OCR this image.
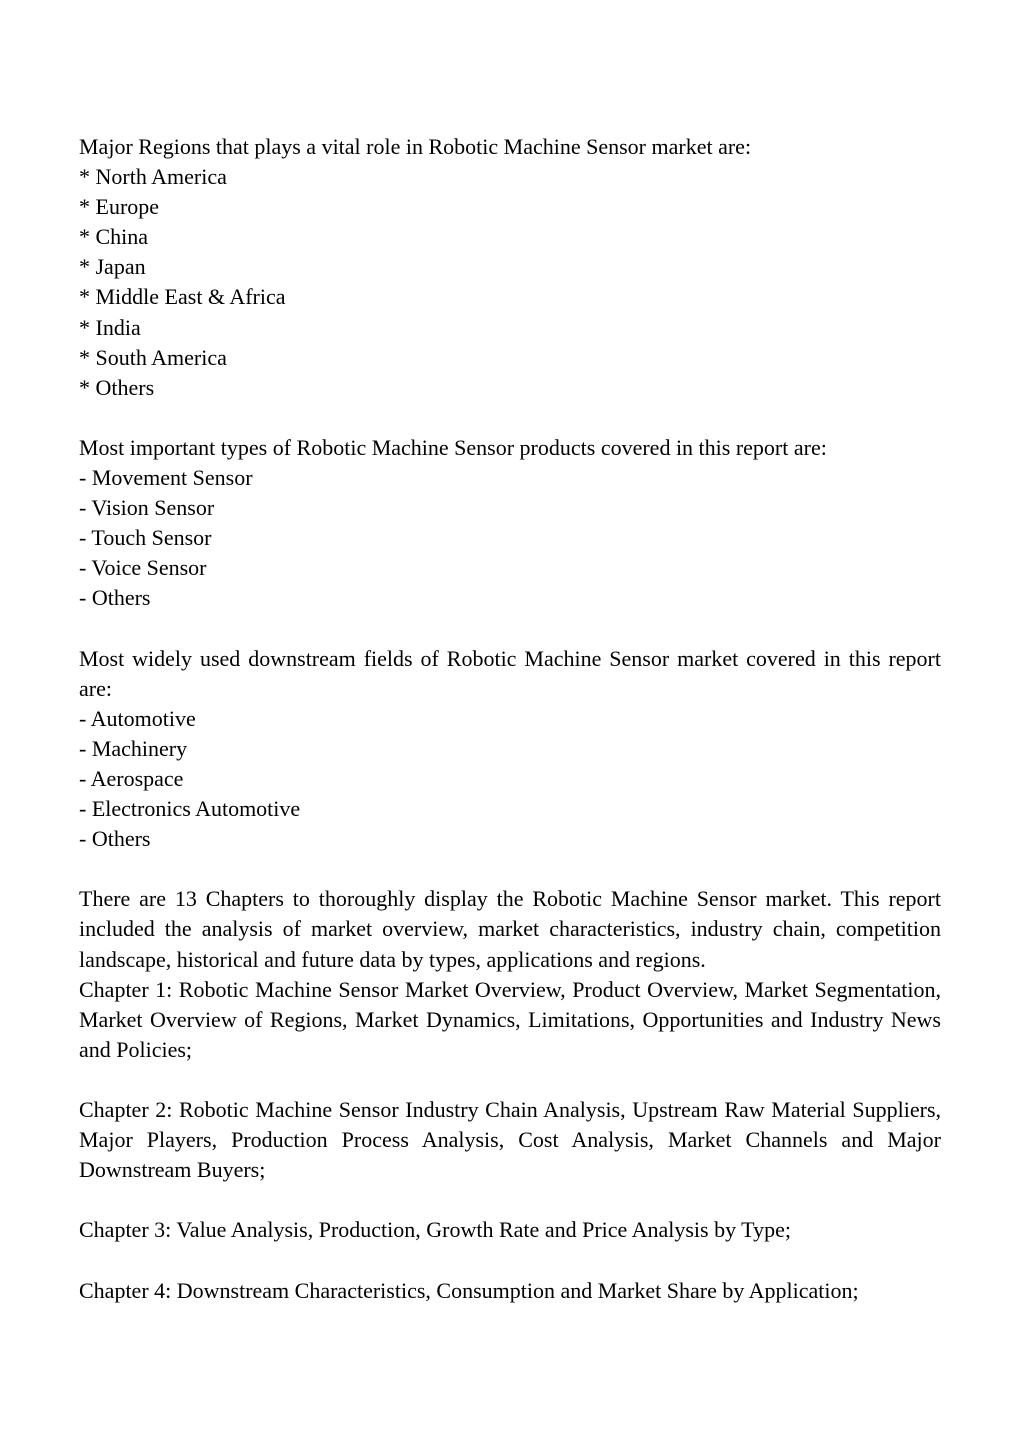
Major Regions that plays a vital role in Robotic Machine Sensor market are:
* North America
* Europe
* China
* Japan
* Middle East & Africa
* India
* South America
* Others
Most important types of Robotic Machine Sensor products covered in this report are:
- Movement Sensor
- Vision Sensor
- Touch Sensor
- Voice Sensor
- Others

Most widely used downstream fields of Robotic Machine Sensor market covered in this report are:

- Automotive
- Machinery
- Aerospace
- Electronics Automotive
- Others

There are 13 Chapters to thoroughly display the Robotic Machine Sensor market. This report included the analysis of market overview, market characteristics, industry chain, competition landscape, historical and future data by types, applications and regions.

Chapter 1: Robotic Machine Sensor Market Overview, Product Overview, Market Segmentation, Market Overview of Regions, Market Dynamics, Limitations, Opportunities and Industry News and Policies;

Chapter 2: Robotic Machine Sensor Industry Chain Analysis, Upstream Raw Material Suppliers, Major Players, Production Process Analysis, Cost Analysis, Market Channels and Major Downstream Buyers;

Chapter 3: Value Analysis, Production, Growth Rate and Price Analysis by Type;

Chapter 4: Downstream Characteristics, Consumption and Market Share by Application;
